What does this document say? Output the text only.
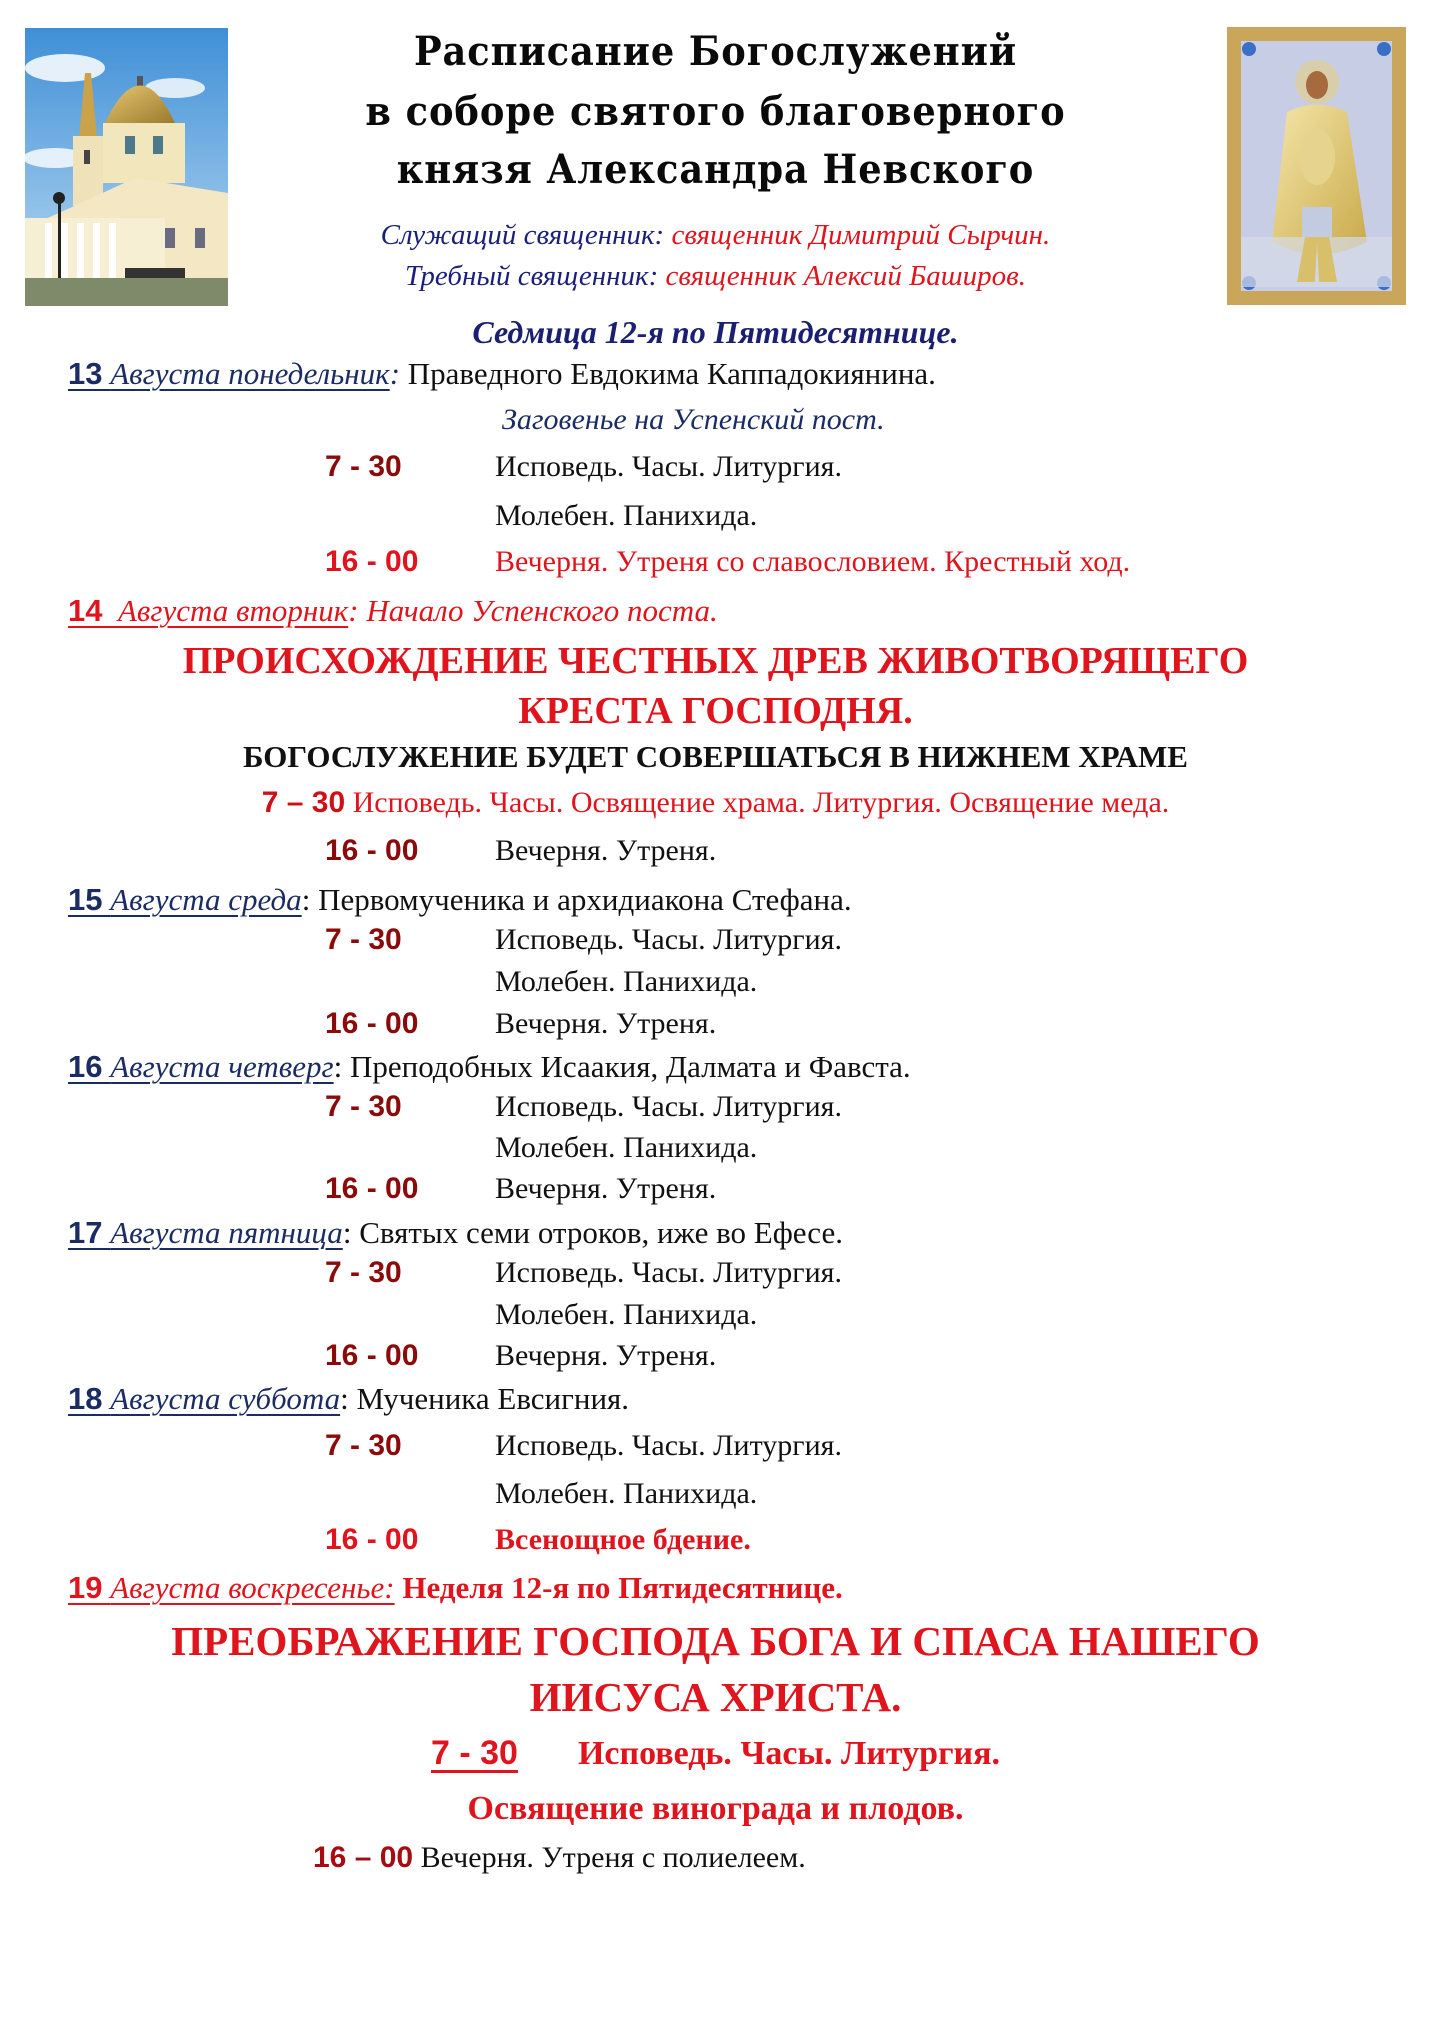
Расписание Богослужений
в соборе святого благоверного
князя Александра Невского
Служащий священник: священник Димитрий Сырчин.
Требный священник: священник Алексий Баширов.
Седмица 12-я по Пятидесятнице.
13 Августа понедельник: Праведного Евдокима Каппадокиянина.
Заговенье на Успенский пост.
7 - 30	Исповедь. Часы. Литургия.
Молебен. Панихида.
16 - 00	Вечерня. Утреня со славословием. Крестный ход.
14 Августа вторник: Начало Успенского поста.
ПРОИСХОЖДЕНИЕ ЧЕСТНЫХ ДРЕВ ЖИВОТВОРЯЩЕГО
КРЕСТА ГОСПОДНЯ.
БОГОСЛУЖЕНИЕ БУДЕТ СОВЕРШАТЬСЯ В НИЖНЕМ ХРАМЕ
7 – 30 Исповедь. Часы. Освящение храма. Литургия. Освящение меда.
16 - 00	Вечерня. Утреня.
15 Августа среда: Первомученика и архидиакона Стефана.
7 - 30	Исповедь. Часы. Литургия.
Молебен. Панихида.
16 - 00	Вечерня. Утреня.
16 Августа четверг: Преподобных Исаакия, Далмата и Фавста.
7 - 30	Исповедь. Часы. Литургия.
Молебен. Панихида.
16 - 00	Вечерня. Утреня.
17 Августа пятница: Святых семи отроков, иже во Ефесе.
7 - 30	Исповедь. Часы. Литургия.
Молебен. Панихида.
16 - 00	Вечерня. Утреня.
18 Августа суббота: Мученика Евсигния.
7 - 30	Исповедь. Часы. Литургия.
Молебен. Панихида.
16 - 00	Всенощное бдение.
19 Августа воскресенье: Неделя 12-я по Пятидесятнице.
ПРЕОБРАЖЕНИЕ ГОСПОДА БОГА И СПАСА НАШЕГО
ИИСУСА ХРИСТА.
7 - 30 Исповедь. Часы. Литургия.
Освящение винограда и плодов.
16 – 00 Вечерня. Утреня с полиелеем.
